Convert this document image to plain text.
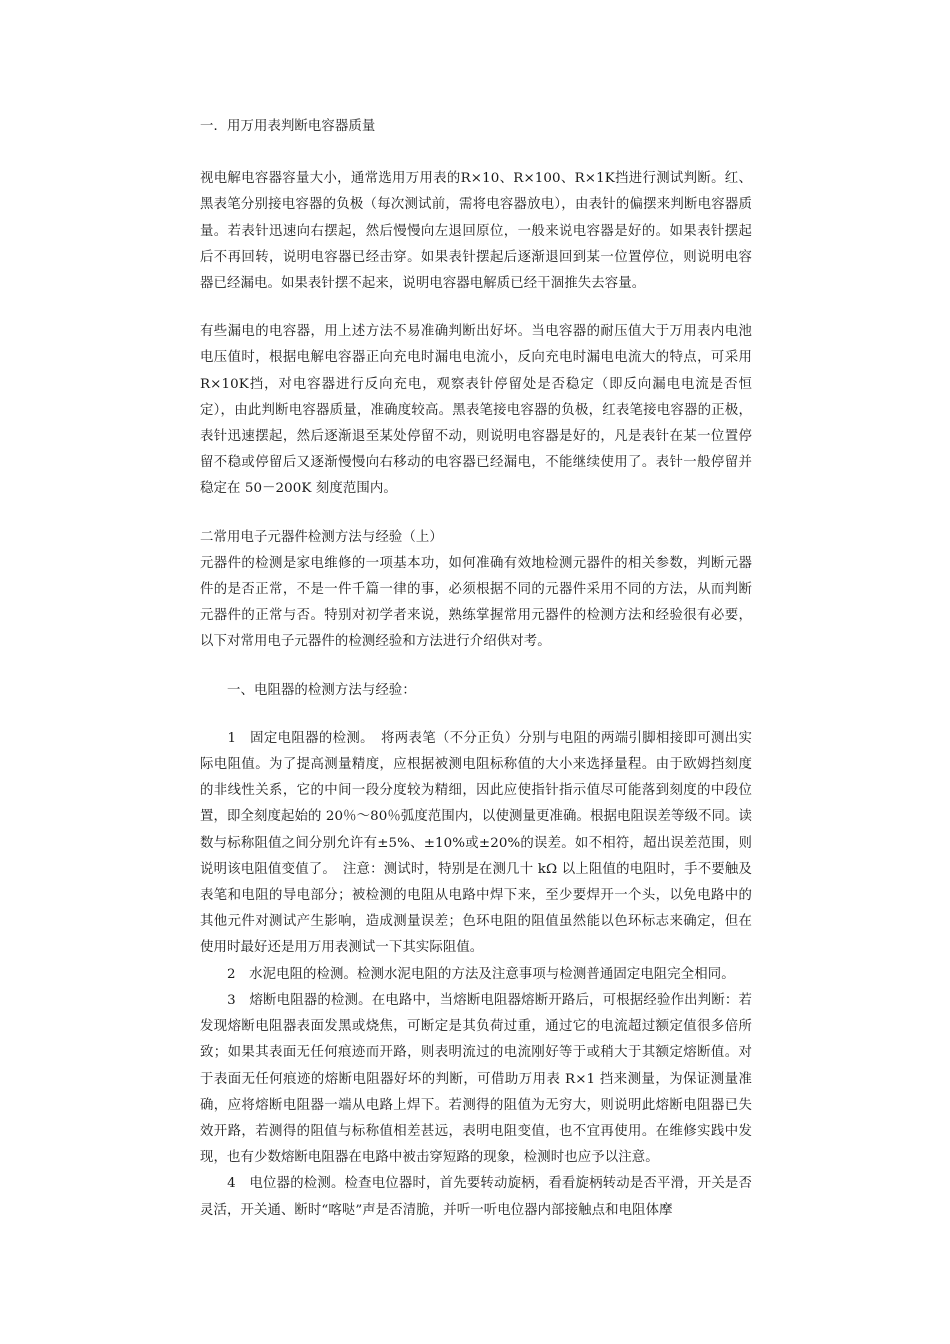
一．用万用表判断电容器质量

视电解电容器容量大小，通常选用万用表的R×10、R×100、R×1K挡进行测试判断。红、黑表笔分别接电容器的负极（每次测试前，需将电容器放电），由表针的偏摆来判断电容器质量。若表针迅速向右摆起，然后慢慢向左退回原位，一般来说电容器是好的。如果表针摆起后不再回转，说明电容器已经击穿。如果表针摆起后逐渐退回到某一位置停位，则说明电容器已经漏电。如果表针摆不起来，说明电容器电解质已经干涸推失去容量。

有些漏电的电容器，用上述方法不易准确判断出好坏。当电容器的耐压值大于万用表内电池电压值时，根据电解电容器正向充电时漏电电流小，反向充电时漏电电流大的特点，可采用R×10K挡，对电容器进行反向充电，观察表针停留处是否稳定（即反向漏电电流是否恒定），由此判断电容器质量，准确度较高。黑表笔接电容器的负极，红表笔接电容器的正极，表针迅速摆起，然后逐渐退至某处停留不动，则说明电容器是好的，凡是表针在某一位置停留不稳或停留后又逐渐慢慢向右移动的电容器已经漏电，不能继续使用了。表针一般停留并稳定在 50－200K 刻度范围内。

二常用电子元器件检测方法与经验（上）

元器件的检测是家电维修的一项基本功，如何准确有效地检测元器件的相关参数，判断元器件的是否正常，不是一件千篇一律的事，必须根据不同的元器件采用不同的方法，从而判断元器件的正常与否。特别对初学者来说，熟练掌握常用元器件的检测方法和经验很有必要，以下对常用电子元器件的检测经验和方法进行介绍供对考。

　　一、电阻器的检测方法与经验：

　　1　固定电阻器的检测。　将两表笔（不分正负）分别与电阻的两端引脚相接即可测出实际电阻值。为了提高测量精度，应根据被测电阻标称值的大小来选择量程。由于欧姆挡刻度的非线性关系，它的中间一段分度较为精细，因此应使指针指示值尽可能落到刻度的中段位置，即全刻度起始的 20％～80％弧度范围内，以使测量更准确。根据电阻误差等级不同。读数与标称阻值之间分别允许有±5%、±10%或±20%的误差。如不相符，超出误差范围，则说明该电阻值变值了。　注意：测试时，特别是在测几十 kΩ 以上阻值的电阻时，手不要触及表笔和电阻的导电部分；被检测的电阻从电路中焊下来，至少要焊开一个头，以免电路中的其他元件对测试产生影响，造成测量误差；色环电阻的阻值虽然能以色环标志来确定，但在使用时最好还是用万用表测试一下其实际阻值。

　　2　水泥电阻的检测。检测水泥电阻的方法及注意事项与检测普通固定电阻完全相同。

　　3　熔断电阻器的检测。在电路中，当熔断电阻器熔断开路后，可根据经验作出判断：若发现熔断电阻器表面发黑或烧焦，可断定是其负荷过重，通过它的电流超过额定值很多倍所致；如果其表面无任何痕迹而开路，则表明流过的电流刚好等于或稍大于其额定熔断值。对于表面无任何痕迹的熔断电阻器好坏的判断，可借助万用表 R×1 挡来测量，为保证测量准确，应将熔断电阻器一端从电路上焊下。若测得的阻值为无穷大，则说明此熔断电阻器已失效开路，若测得的阻值与标称值相差甚远，表明电阻变值，也不宜再使用。在维修实践中发现，也有少数熔断电阻器在电路中被击穿短路的现象，检测时也应予以注意。

　　4　电位器的检测。检查电位器时，首先要转动旋柄，看看旋柄转动是否平滑，开关是否灵活，开关通、断时“喀哒”声是否清脆，并听一听电位器内部接触点和电阻体摩
